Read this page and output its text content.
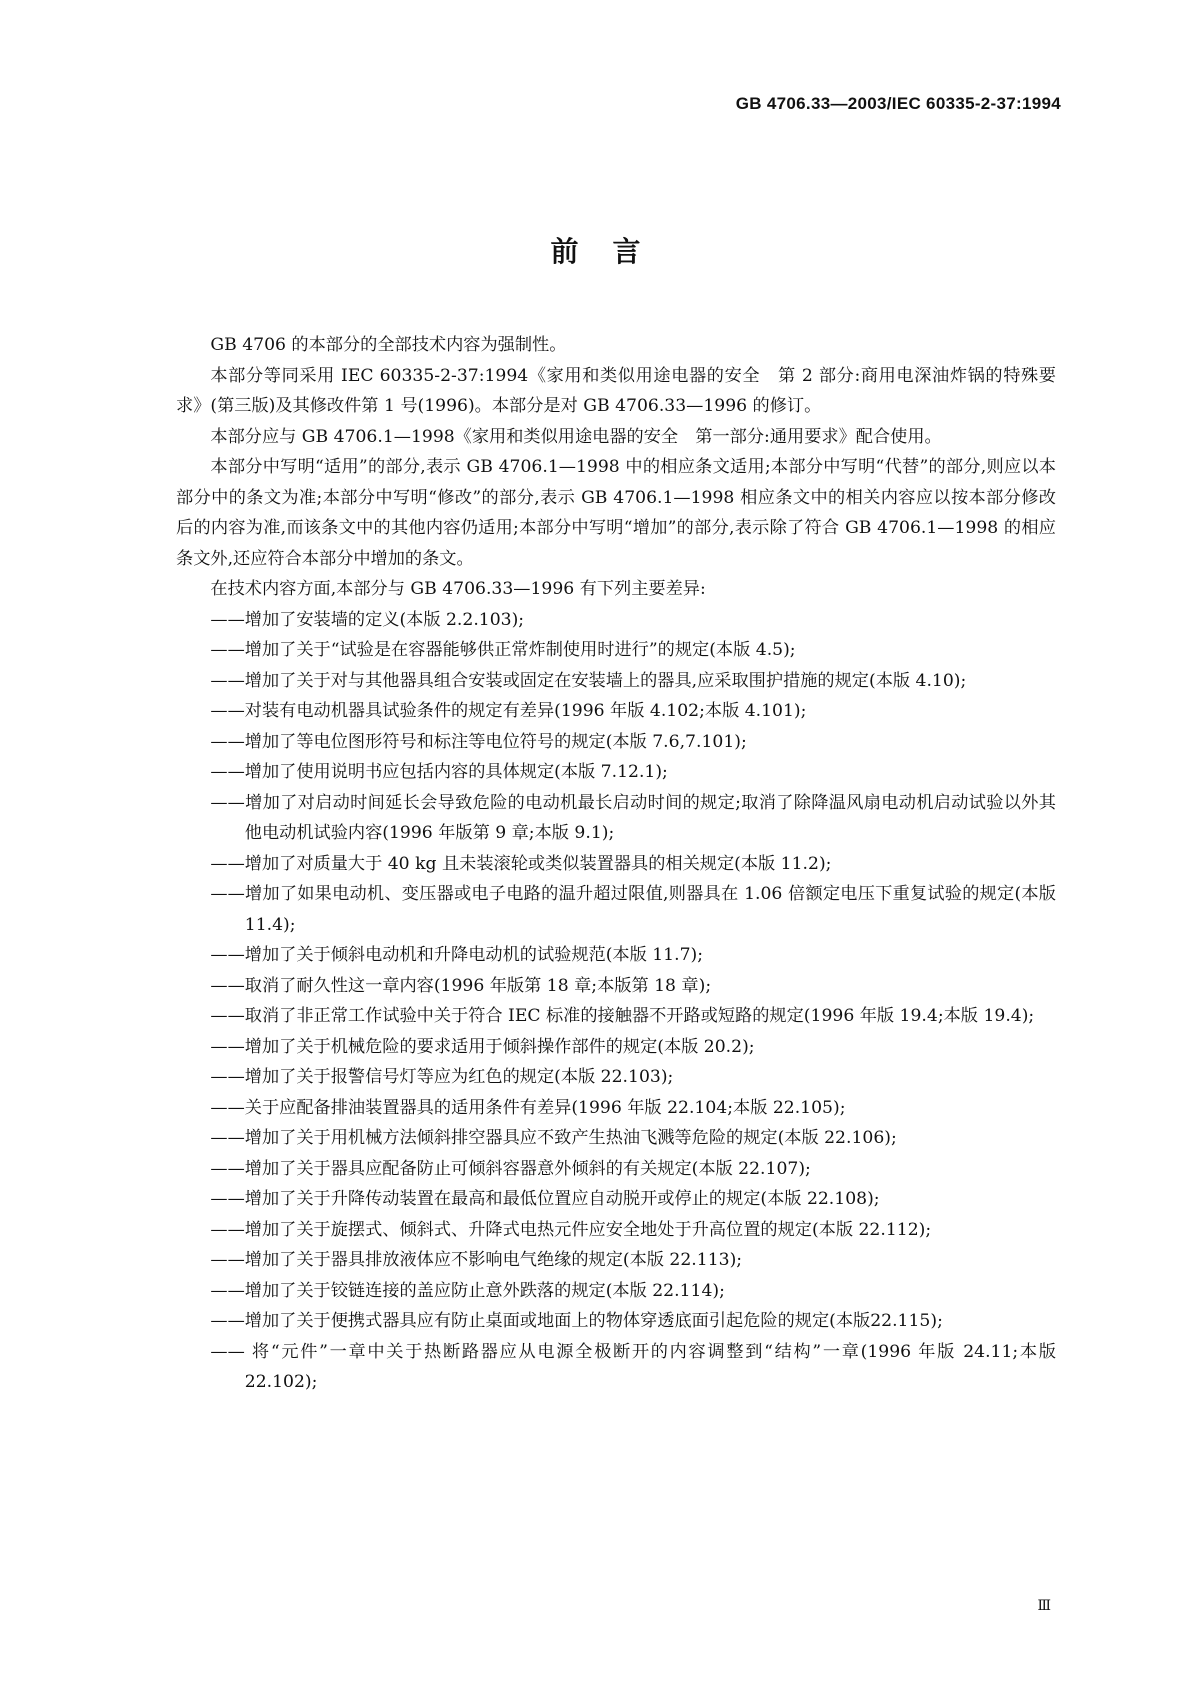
GB 4706.33—2003/IEC 60335-2-37:1994
前言

GB 4706 的本部分的全部技术内容为强制性。

本部分等同采用 IEC 60335-2-37:1994《家用和类似用途电器的安全　第 2 部分:商用电深油炸锅的特殊要求》(第三版)及其修改件第 1 号(1996)。本部分是对 GB 4706.33—1996 的修订。

本部分应与 GB 4706.1—1998《家用和类似用途电器的安全　第一部分:通用要求》配合使用。

本部分中写明“适用”的部分,表示 GB 4706.1—1998 中的相应条文适用;本部分中写明“代替”的部分,则应以本部分中的条文为准;本部分中写明“修改”的部分,表示 GB 4706.1—1998 相应条文中的相关内容应以按本部分修改后的内容为准,而该条文中的其他内容仍适用;本部分中写明“增加”的部分,表示除了符合 GB 4706.1—1998 的相应条文外,还应符合本部分中增加的条文。

在技术内容方面,本部分与 GB 4706.33—1996 有下列主要差异:

——增加了安装墙的定义(本版 2.2.103);

——增加了关于“试验是在容器能够供正常炸制使用时进行”的规定(本版 4.5);

——增加了关于对与其他器具组合安装或固定在安装墙上的器具,应采取围护措施的规定(本版 4.10);

——对装有电动机器具试验条件的规定有差异(1996 年版 4.102;本版 4.101);

——增加了等电位图形符号和标注等电位符号的规定(本版 7.6,7.101);

——增加了使用说明书应包括内容的具体规定(本版 7.12.1);

——增加了对启动时间延长会导致危险的电动机最长启动时间的规定;取消了除降温风扇电动机启动试验以外其他电动机试验内容(1996 年版第 9 章;本版 9.1);

——增加了对质量大于 40 kg 且未装滚轮或类似装置器具的相关规定(本版 11.2);

——增加了如果电动机、变压器或电子电路的温升超过限值,则器具在 1.06 倍额定电压下重复试验的规定(本版 11.4);

——增加了关于倾斜电动机和升降电动机的试验规范(本版 11.7);

——取消了耐久性这一章内容(1996 年版第 18 章;本版第 18 章);

——取消了非正常工作试验中关于符合 IEC 标准的接触器不开路或短路的规定(1996 年版 19.4;本版 19.4);

——增加了关于机械危险的要求适用于倾斜操作部件的规定(本版 20.2);

——增加了关于报警信号灯等应为红色的规定(本版 22.103);

——关于应配备排油装置器具的适用条件有差异(1996 年版 22.104;本版 22.105);

——增加了关于用机械方法倾斜排空器具应不致产生热油飞溅等危险的规定(本版 22.106);

——增加了关于器具应配备防止可倾斜容器意外倾斜的有关规定(本版 22.107);

——增加了关于升降传动装置在最高和最低位置应自动脱开或停止的规定(本版 22.108);

——增加了关于旋摆式、倾斜式、升降式电热元件应安全地处于升高位置的规定(本版 22.112);

——增加了关于器具排放液体应不影响电气绝缘的规定(本版 22.113);

——增加了关于铰链连接的盖应防止意外跌落的规定(本版 22.114);

——增加了关于便携式器具应有防止桌面或地面上的物体穿透底面引起危险的规定(本版22.115);

—— 将“元件”一章中关于热断路器应从电源全极断开的内容调整到“结构”一章(1996 年版 24.11;本版 22.102);

Ⅲ
